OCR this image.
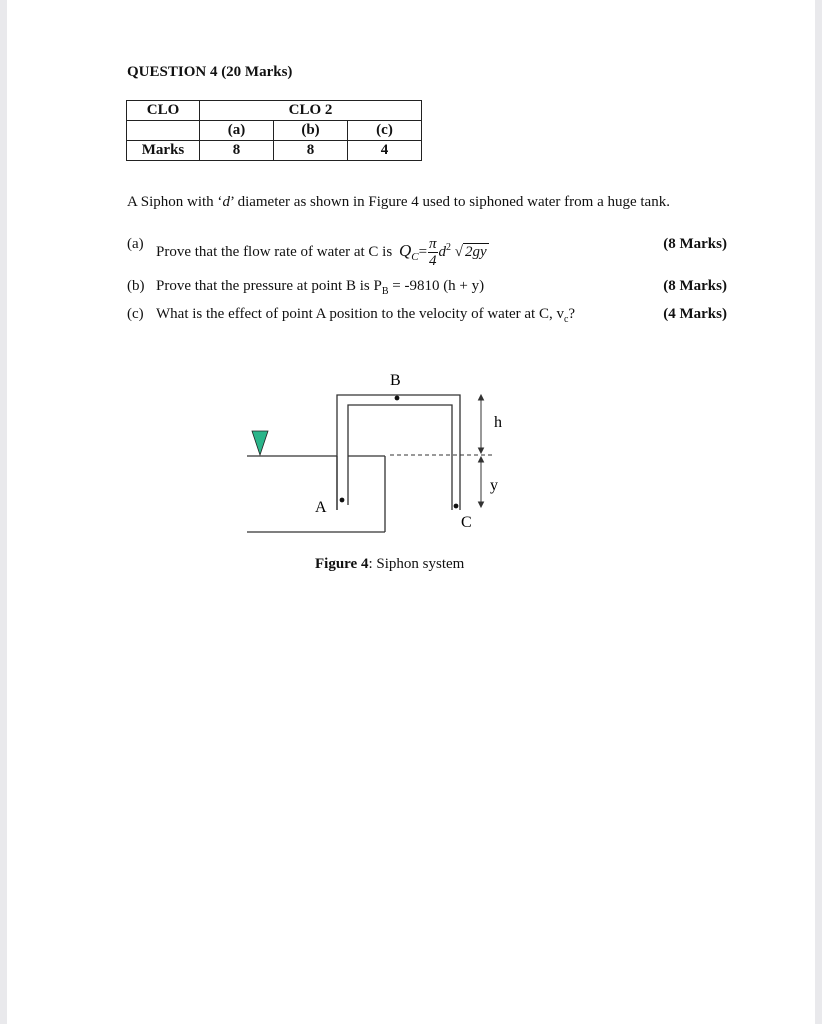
QUESTION 4 (20 Marks)
CLO	CLO 2		
	(a)	(b)	(c)
Marks	8	8	4
A Siphon with ‘d’ diameter as shown in Figure 4 used to siphoned water from a huge tank.
(a) Prove that the flow rate of water at C is $Q_C= \frac{\pi}{4} d^2$ √ 2gy	(8 Marks)
(b) Prove that the pressure at point B is $P_B = -9810$ (h + y)	(8 Marks)
(c) What is the effect of point A position to the velocity of water at C, $v_c$?	(4 Marks)
B
A
C
h
y
Figure 4: Siphon system
